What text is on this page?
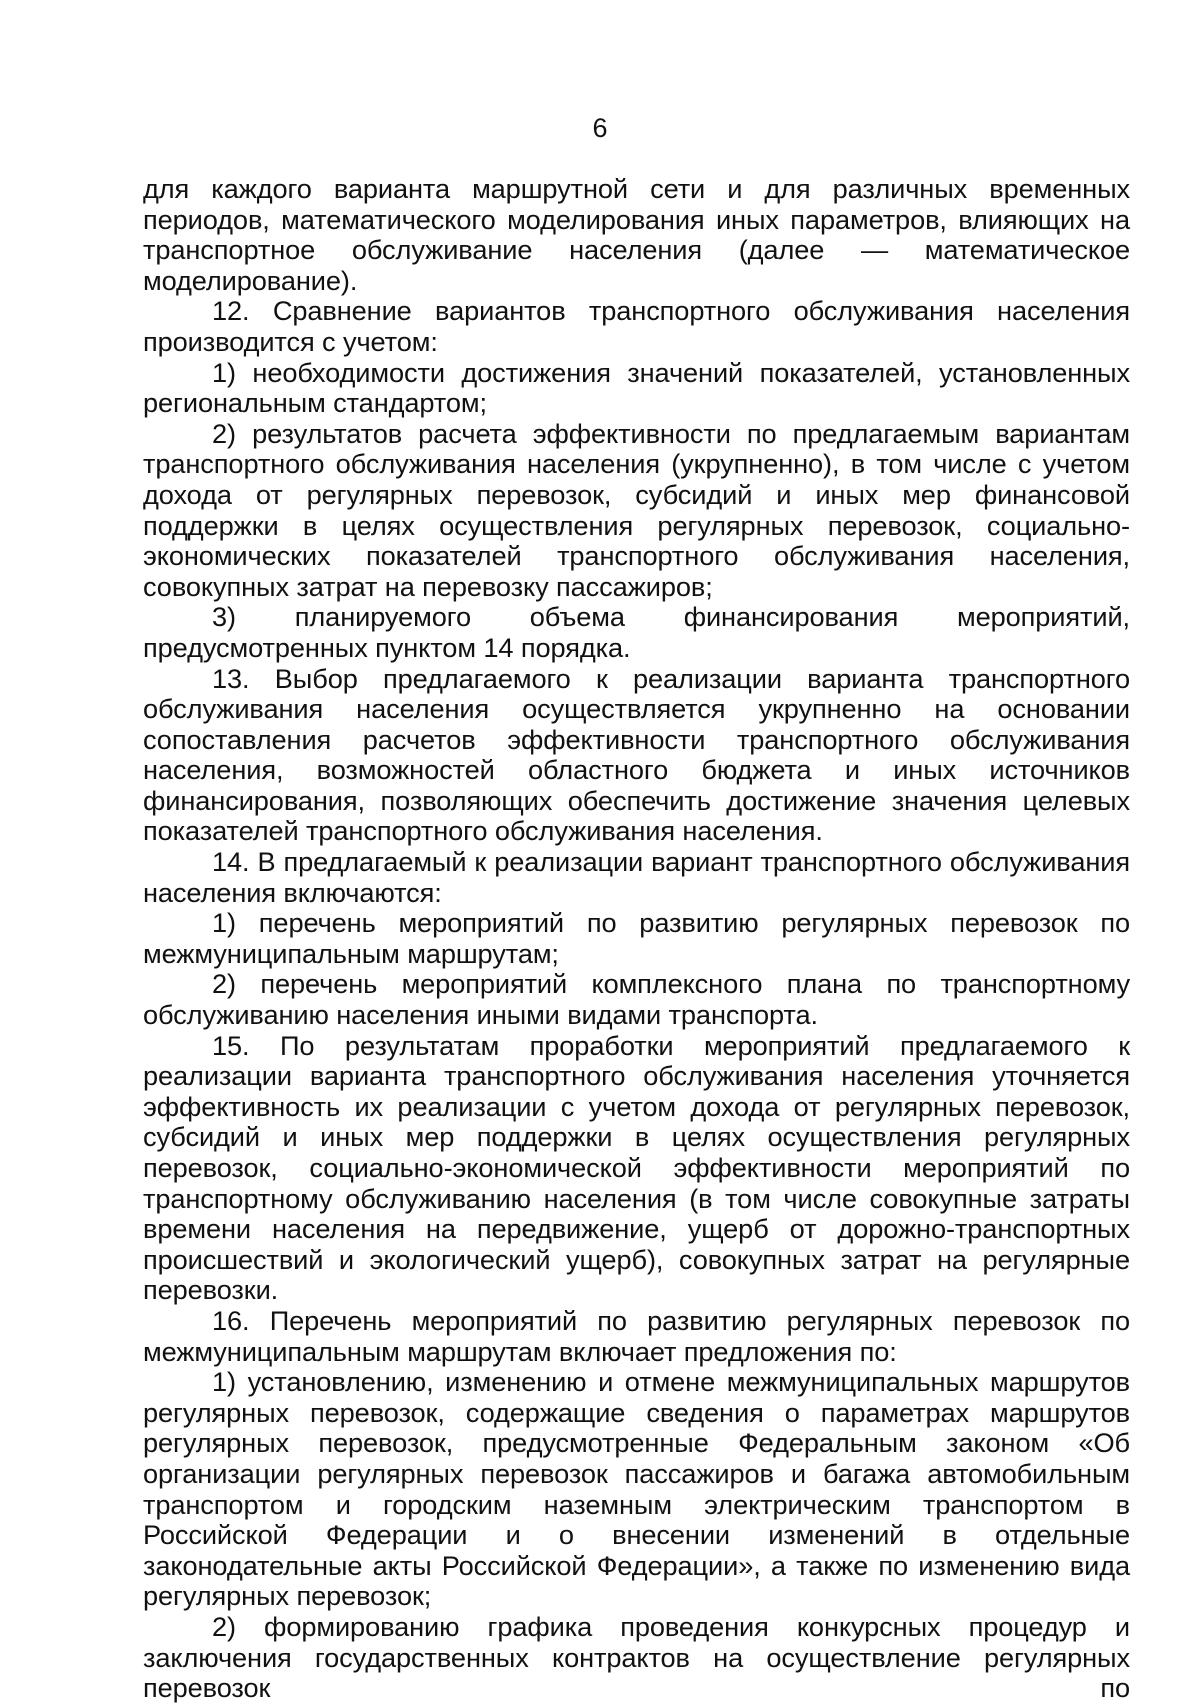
6

для каждого варианта маршрутной сети и для различных временных периодов, математического моделирования иных параметров, влияющих на транспортное обслуживание населения (далее — математическое моделирование).

12. Сравнение вариантов транспортного обслуживания населения производится с учетом:

1) необходимости достижения значений показателей, установленных региональным стандартом;

2) результатов расчета эффективности по предлагаемым вариантам транспортного обслуживания населения (укрупненно), в том числе с учетом дохода от регулярных перевозок, субсидий и иных мер финансовой поддержки в целях осуществления регулярных перевозок, социально-экономических показателей транспортного обслуживания населения, совокупных затрат на перевозку пассажиров;

3) планируемого объема финансирования мероприятий, предусмотренных пунктом 14 порядка.

13. Выбор предлагаемого к реализации варианта транспортного обслуживания населения осуществляется укрупненно на основании сопоставления расчетов эффективности транспортного обслуживания населения, возможностей областного бюджета и иных источников финансирования, позволяющих обеспечить достижение значения целевых показателей транспортного обслуживания населения.

14. В предлагаемый к реализации вариант транспортного обслуживания населения включаются:

1) перечень мероприятий по развитию регулярных перевозок по межмуниципальным маршрутам;

2) перечень мероприятий комплексного плана по транспортному обслуживанию населения иными видами транспорта.

15. По результатам проработки мероприятий предлагаемого к реализации варианта транспортного обслуживания населения уточняется эффективность их реализации с учетом дохода от регулярных перевозок, субсидий и иных мер поддержки в целях осуществления регулярных перевозок, социально-экономической эффективности мероприятий по транспортному обслуживанию населения (в том числе совокупные затраты времени населения на передвижение, ущерб от дорожно-транспортных происшествий и экологический ущерб), совокупных затрат на регулярные перевозки.

16. Перечень мероприятий по развитию регулярных перевозок по межмуниципальным маршрутам включает предложения по:

1) установлению, изменению и отмене межмуниципальных маршрутов регулярных перевозок, содержащие сведения о параметрах маршрутов регулярных перевозок, предусмотренные Федеральным законом «Об организации регулярных перевозок пассажиров и багажа автомобильным транспортом и городским наземным электрическим транспортом в Российской Федерации и о внесении изменений в отдельные законодательные акты Российской Федерации», а также по изменению вида регулярных перевозок;

2) формированию графика проведения конкурсных процедур и заключения государственных контрактов на осуществление регулярных перевозок по
